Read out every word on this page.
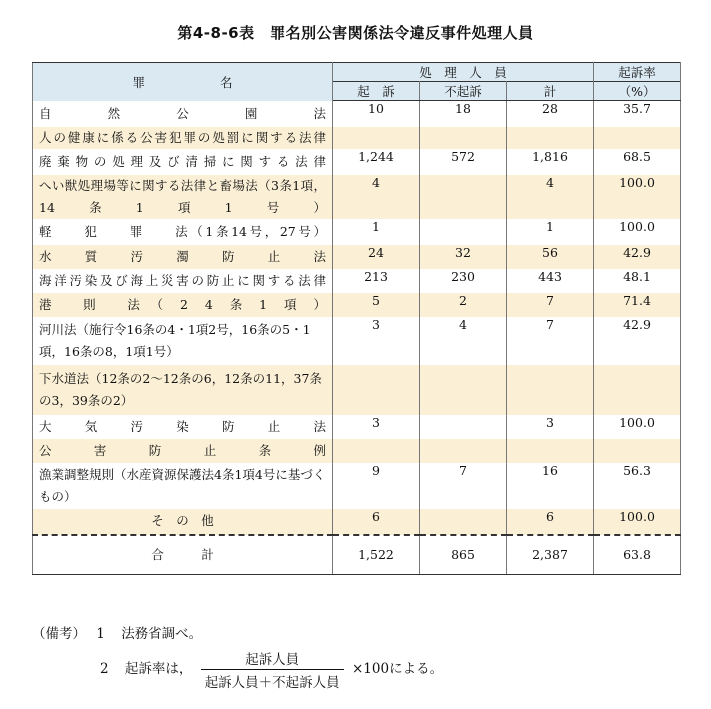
第4-8-6表　罪名別公害関係法令違反事件処理人員
罪　　　　　　名	処　理　人　員			起訴率
	起　訴	不起訴	計	（%）
自然公園法	10	18	28	35.7
人の健康に係る公害犯罪の処罰に関する法律				
廃棄物の処理及び清掃に関する法律	1,244	572	1,816	68.5
へい獣処理場等に関する法律と畜場法（3条1項，14条1項1号）	4		4	100.0
軽　　犯　　罪　　法（1条14号，27号）	1		1	100.0
水質汚濁防止法	24	32	56	42.9
海洋汚染及び海上災害の防止に関する法律	213	230	443	48.1
港　　則　　法　（　2　4　条　1　項　）	5	2	7	71.4
河川法（施行令16条の4・1項2号，16条の5・1項，16条の8，1項1号）	3	4	7	42.9
下水道法（12条の2～12条の6，12条の11，37条の3，39条の2）				
大気汚染防止法	3		3	100.0
公害防止条例				
漁業調整規則（水産資源保護法4条1項4号に基づくもの）	9	7	16	56.3
そ　の　他	6		6	100.0
合　　　計	1,522	865	2,387	63.8
（備考） 1 法務省調べ。
2 起訴率は， $\frac{\text{起訴人員}}{\text{起訴人員＋不起訴人員}} \times 100$による。
